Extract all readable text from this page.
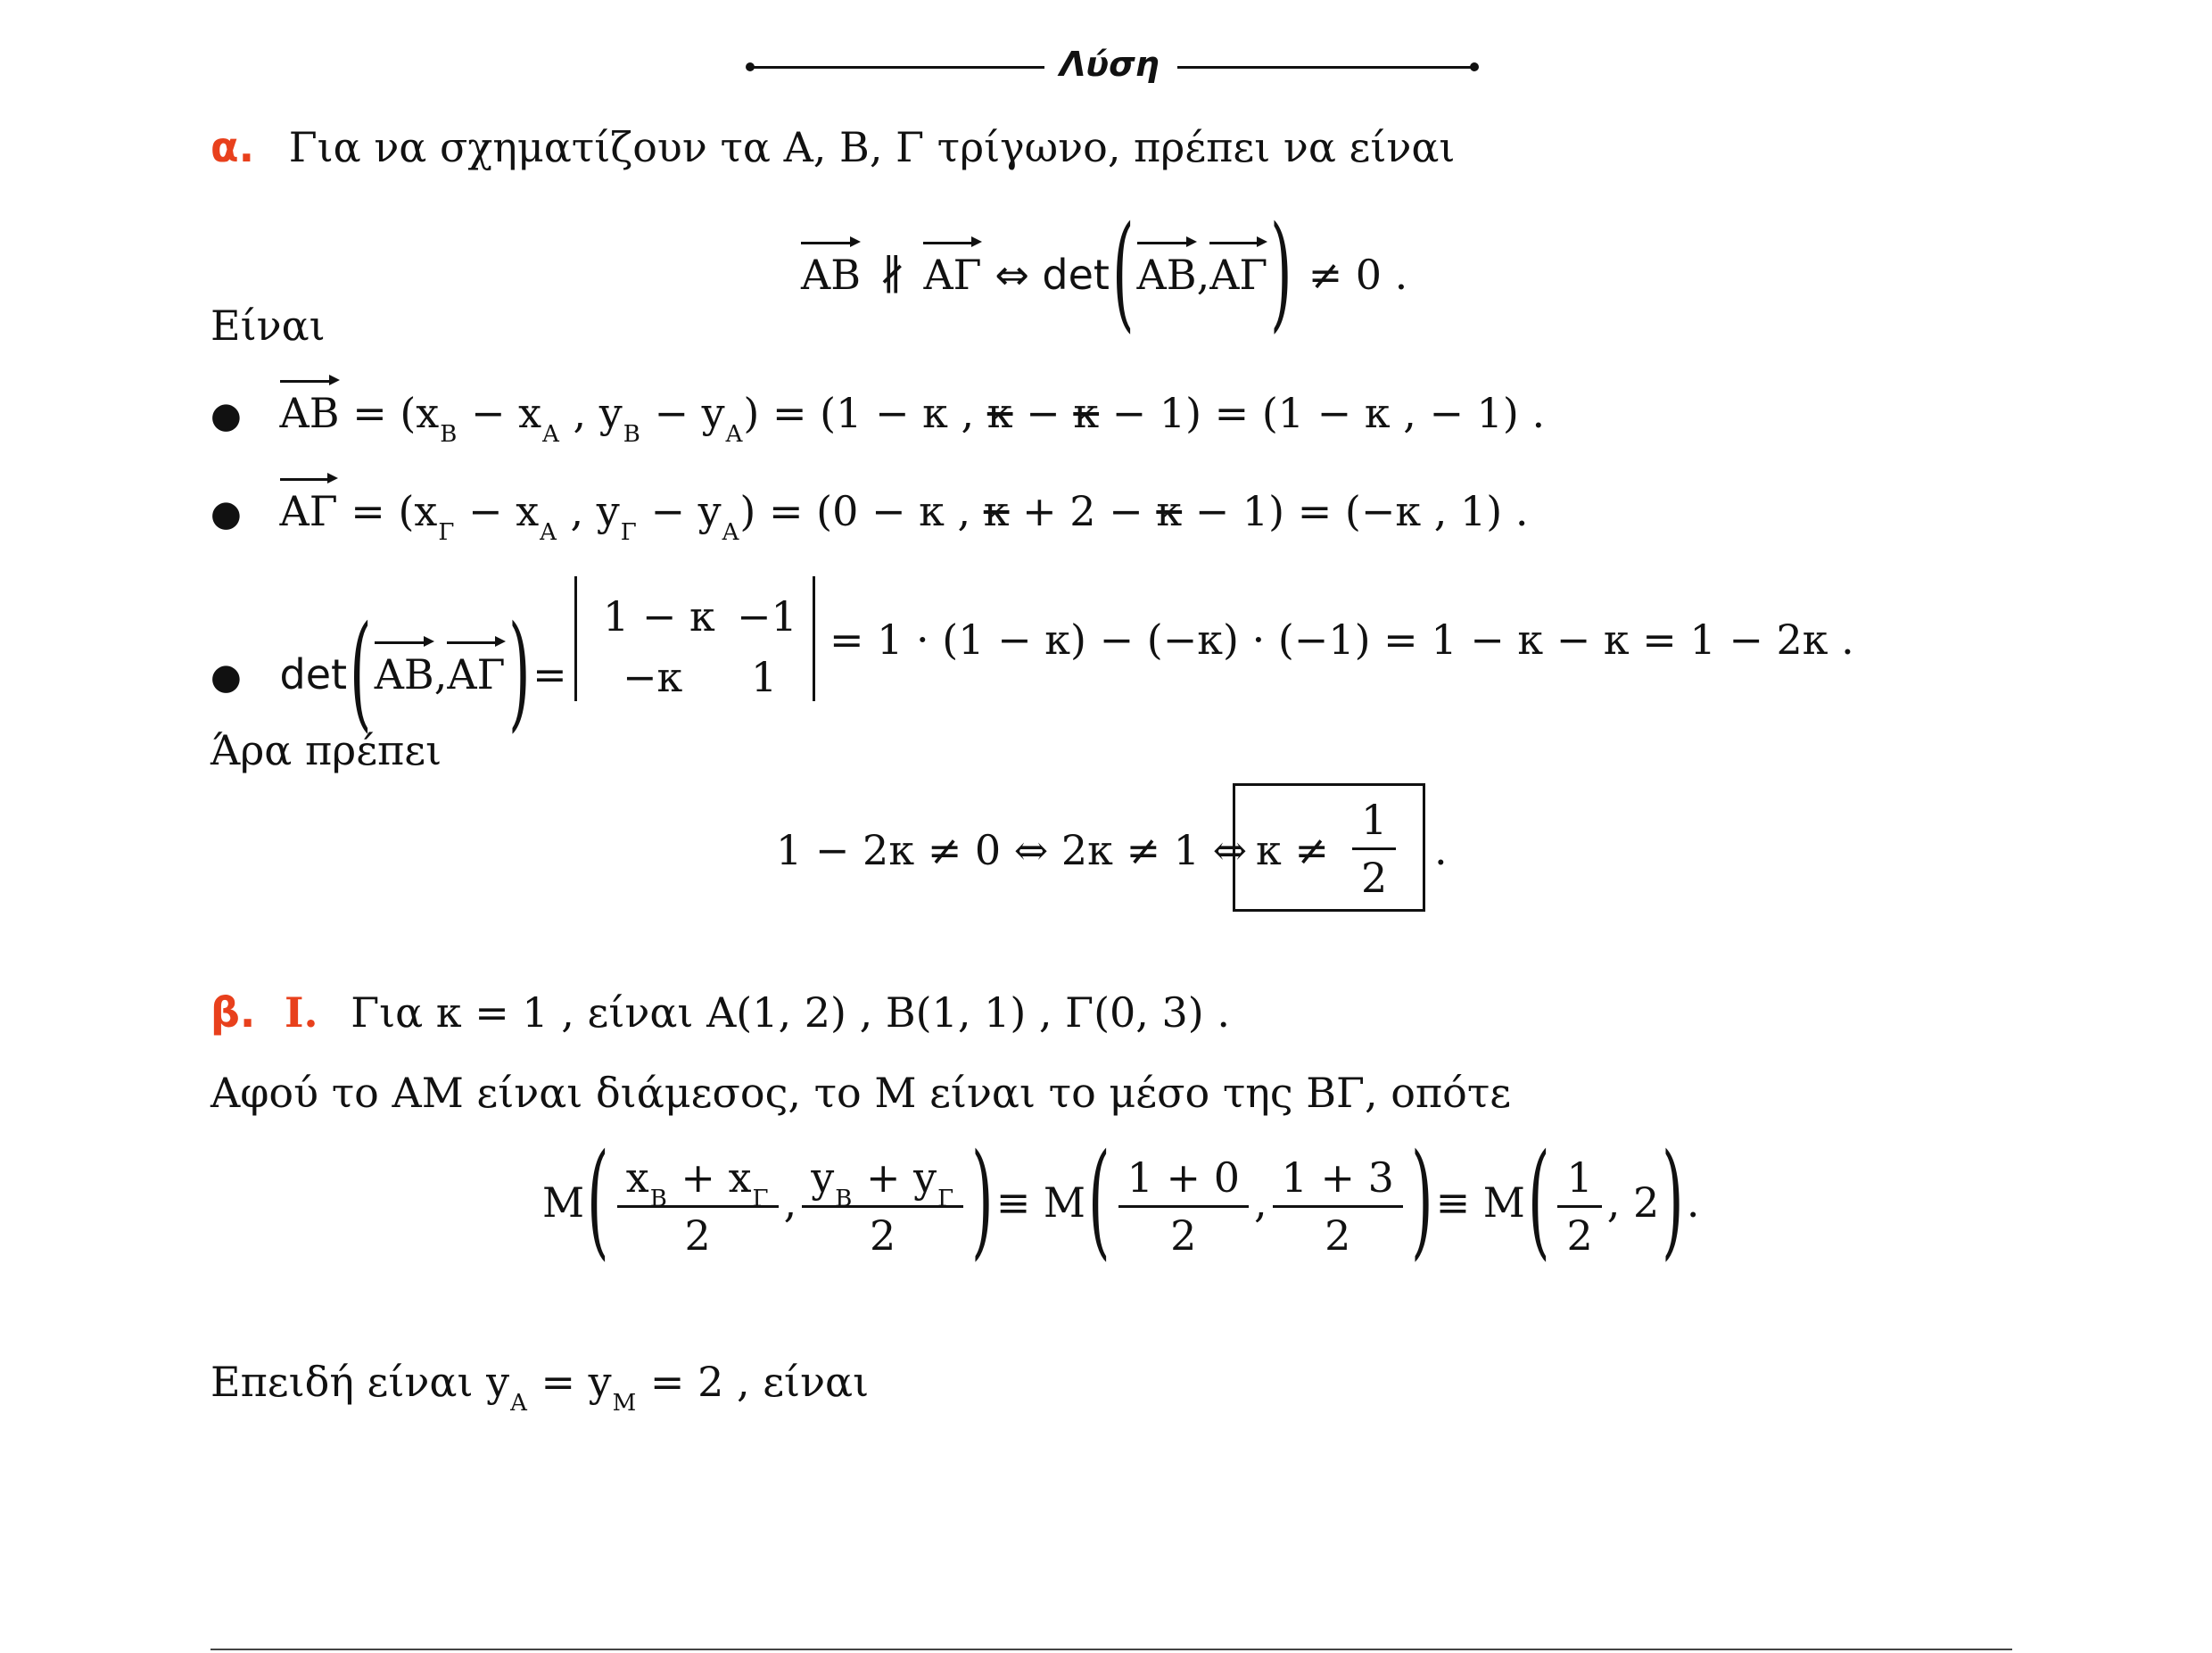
Λύση
α. Για να σχηματίζουν τα Α, Β, Γ τρίγωνο, πρέπει να είναι
ΑΒ ∦ ΑΓ ⇔ det(ΑΒ,ΑΓ) ≠ 0 .
Είναι
● $AB = (x_B - x_A$ , $y_B - y_A) = (1 - \kappa$ , κ − κ − 1) = (1 − κ , − 1) .
● $A\Gamma = (x_\Gamma - x_A$ , $y_\Gamma - y_A) = (0 - \kappa$ , κ + 2 − κ − 1) = (−κ , 1) .
● det(ΑΒ,ΑΓ)=
1 − κ −1
−κ 1
= 1 · (1 − κ) − (−κ) · (−1) = 1 − κ − κ = 1 − 2κ .
Άρα πρέπει
1 − 2κ ≠ 0 ⇔ 2κ ≠ 1 ⇔ $\kappa \ne \frac{1}{2}$ .
β. Ι. Για κ = 1 , είναι Α(1, 2) , Β(1, 1) , Γ(0, 3) .
Αφού το ΑΜ είναι διάμεσος, το Μ είναι το μέσο της ΒΓ, οπότε
$M( \frac{x_B + x_\Gamma}{2}$ , $\frac{y_B + y_\Gamma}{2}$ )≡ $M( \frac{1 + 0}{2}$ , $\frac{1 + 3}{2}$ )≡ $M( \frac{1}{2}$ , 2).
Επειδή είναι $y_A = y_M = 2$ , είναι
